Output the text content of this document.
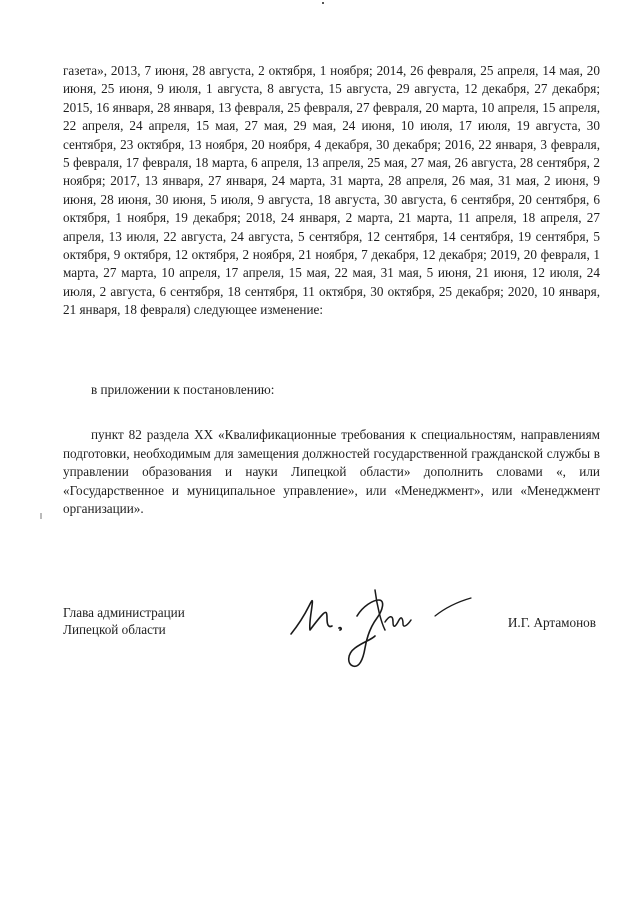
газета», 2013, 7 июня, 28 августа, 2 октября, 1 ноября; 2014, 26 февраля, 25 апреля, 14 мая, 20 июня, 25 июня, 9 июля, 1 августа, 8 августа, 15 августа, 29 августа, 12 декабря, 27 декабря; 2015, 16 января, 28 января, 13 февраля, 25 февраля, 27 февраля, 20 марта, 10 апреля, 15 апреля, 22 апреля, 24 апреля, 15 мая, 27 мая, 29 мая, 24 июня, 10 июля, 17 июля, 19 августа, 30 сентября, 23 октября, 13 ноября, 20 ноября, 4 декабря, 30 декабря; 2016, 22 января, 3 февраля, 5 февраля, 17 февраля, 18 марта, 6 апреля, 13 апреля, 25 мая, 27 мая, 26 августа, 28 сентября, 2 ноября; 2017, 13 января, 27 января, 24 марта, 31 марта, 28 апреля, 26 мая, 31 мая, 2 июня, 9 июня, 28 июня, 30 июня, 5 июля, 9 августа, 18 августа, 30 августа, 6 сентября, 20 сентября, 6 октября, 1 ноября, 19 декабря; 2018, 24 января, 2 марта, 21 марта, 11 апреля, 18 апреля, 27 апреля, 13 июля, 22 августа, 24 августа, 5 сентября, 12 сентября, 14 сентября, 19 сентября, 5 октября, 9 октября, 12 октября, 2 ноября, 21 ноября, 7 декабря, 12 декабря; 2019, 20 февраля, 1 марта, 27 марта, 10 апреля, 17 апреля, 15 мая, 22 мая, 31 мая, 5 июня, 21 июня, 12 июля, 24 июля, 2 августа, 6 сентября, 18 сентября, 11 октября, 30 октября, 25 декабря; 2020, 10 января, 21 января, 18 февраля) следующее изменение:

в приложении к постановлению:

пункт 82 раздела XX «Квалификационные требования к специальностям, направлениям подготовки, необходимым для замещения должностей государственной гражданской службы в управлении образования и науки Липецкой области» дополнить словами «, или «Государственное и муниципальное управление», или «Менеджмент», или «Менеджмент организации».

Глава администрации
Липецкой области	И.Г. Артамонов
